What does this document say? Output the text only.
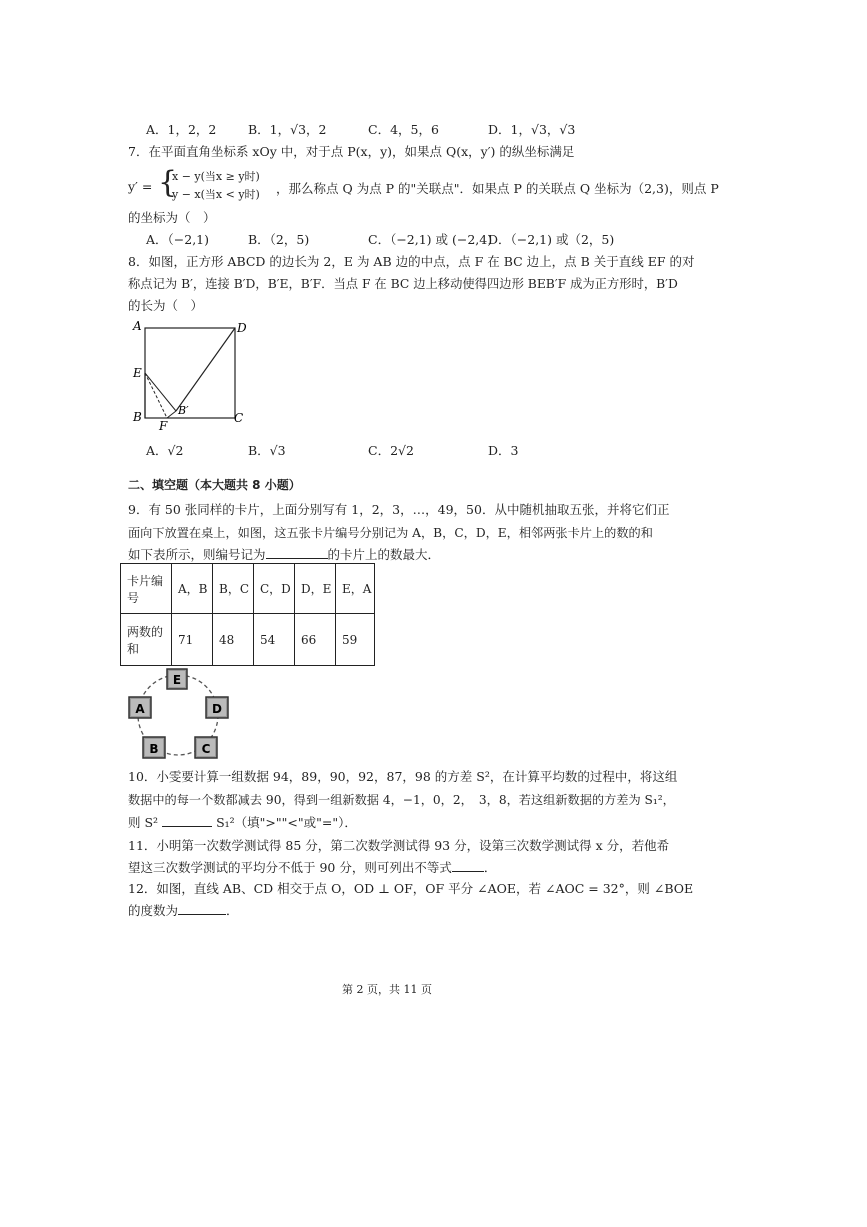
A．1，2，2	B．1，√3，2	C．4，5，6	D．1，√3，√3
7．在平面直角坐标系 xOy 中，对于点 P(x，y)，如果点 Q(x，y′) 的纵坐标满足
y′ = {
x − y(当x ≥ y时)
y − x(当x < y时) ，那么称点 Q 为点 P 的"关联点"．如果点 P 的关联点 Q 坐标为（2,3)，则点 P
的坐标为（　）
A．（−2,1)	B．（2，5)	C．（−2,1) 或 (−2,4)
D．（−2,1) 或（2，5)
8．如图，正方形 ABCD 的边长为 2，E 为 AB 边的中点，点 F 在 BC 边上，点 B 关于直线 EF 的对
称点记为 B′，连接 B′D，B′E，B′F．当点 F 在 BC 边上移动使得四边形 BEB′F 成为正方形时，B′D
的长为（　）
A	D
E
B	B′
F
C
A．√2	B．√3	C．2√2	D．3
二、填空题（本大题共 8 小题）
9．有 50 张同样的卡片，上面分别写有 1，2，3，…，49，50．从中随机抽取五张，并将它们正
面向下放置在桌上，如图，这五张卡片编号分别记为 A，B，C，D，E，相邻两张卡片上的数的和
如下表所示，则编号记为	的卡片上的数最大．
卡片编号	A，B	B，C	C，D	D，E	E，A
两数的和	71	48	54	66	59
E
A	D
B	C
10．小雯要计算一组数据 94，89，90，92，87，98 的方差 S²，在计算平均数的过程中，将这组
数据中的每一个数都减去 90，得到一组新数据 4，−1，0，2，　3，8，若这组新数据的方差为 S₁²，
则 S²	S₁²（填">""<"或"="）．
11．小明第一次数学测试得 85 分，第二次数学测试得 93 分，设第三次数学测试得 x 分，若他希
望这三次数学测试的平均分不低于 90 分，则可列出不等式	．
12．如图，直线 AB、CD 相交于点 O，OD ⊥ OF，OF 平分 ∠AOE，若 ∠AOC = 32°，则 ∠BOE
的度数为	．
第 2 页，共 11 页
